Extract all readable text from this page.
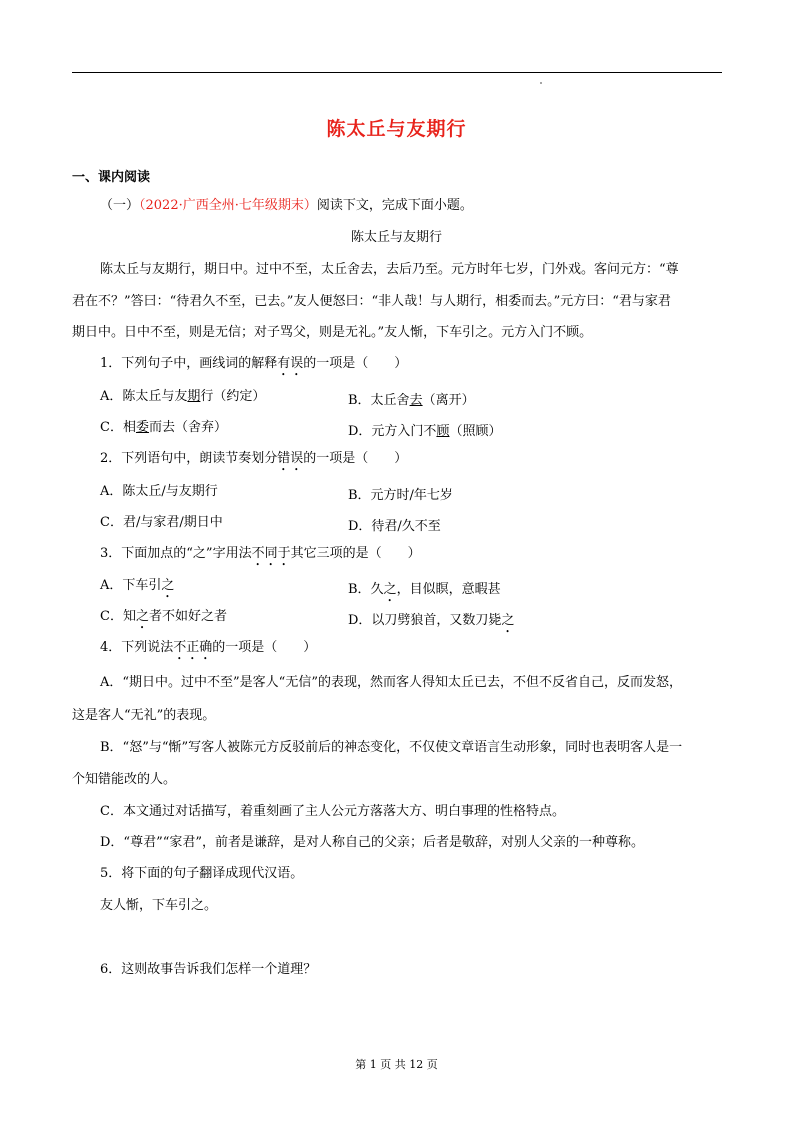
陈太丘与友期行
一、课内阅读
（一）（2022·广西全州·七年级期末）阅读下文，完成下面小题。
陈太丘与友期行
陈太丘与友期行，期日中。过中不至，太丘舍去，去后乃至。元方时年七岁，门外戏。客问元方：“尊
君在不？”答曰：“待君久不至，已去。”友人便怒曰：“非人哉！与人期行，相委而去。”元方曰：“君与家君
期日中。日中不至，则是无信；对子骂父，则是无礼。”友人惭，下车引之。元方入门不顾。
1．下列句子中，画线词的解释有误的一项是（　　）
A．陈太丘与友期行（约定）	B．太丘舍去（离开）
C．相委而去（舍弃）	D．元方入门不顾（照顾）
2．下列语句中，朗读节奏划分错误的一项是（　　）
A．陈太丘/与友期行	B．元方时/年七岁
C．君/与家君/期日中	D．待君/久不至
3．下面加点的“之”字用法不同于其它三项的是（　　）
A．下车引之	B．久之，目似瞑，意暇甚
C．知之者不如好之者	D．以刀劈狼首，又数刀毙之
4．下列说法不正确的一项是（　　）
A．“期日中。过中不至”是客人“无信”的表现，然而客人得知太丘已去，不但不反省自己，反而发怒，
这是客人“无礼”的表现。
B．“怒”与“惭”写客人被陈元方反驳前后的神态变化，不仅使文章语言生动形象，同时也表明客人是一
个知错能改的人。
C．本文通过对话描写，着重刻画了主人公元方落落大方、明白事理的性格特点。
D．“尊君”“家君”，前者是谦辞，是对人称自己的父亲；后者是敬辞，对别人父亲的一种尊称。
5．将下面的句子翻译成现代汉语。
友人惭，下车引之。
6．这则故事告诉我们怎样一个道理？
第 1 页 共 12 页
